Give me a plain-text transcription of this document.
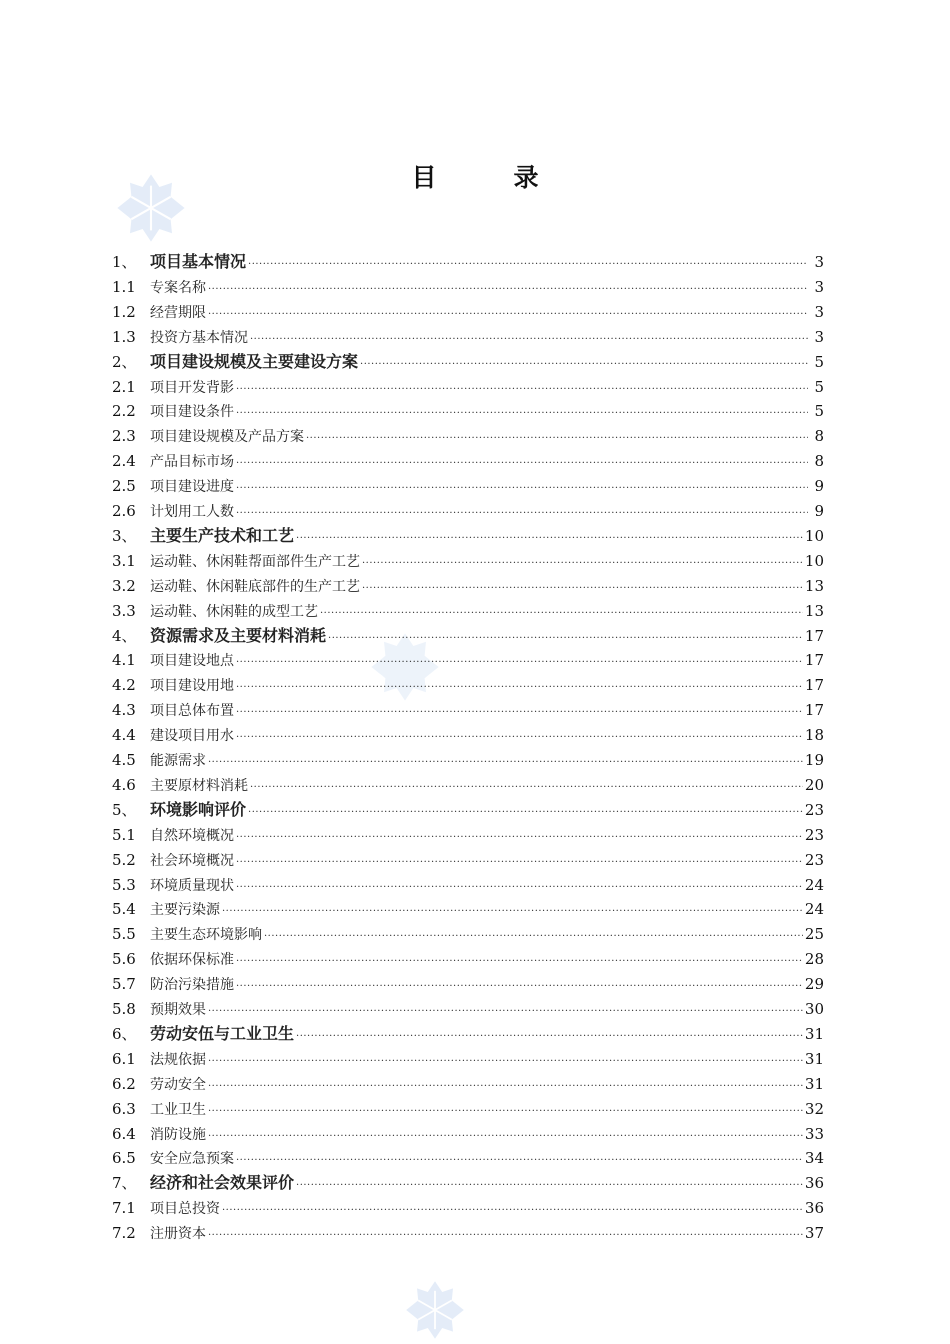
目　录
1、 项目基本情况 ·····	3
1.1	专案名称 ·····	3
1.2	经营期限 ·····	3
1.3	投资方基本情况 ·····	3
2、 项目建设规模及主要建设方案 ·····	5
2.1	项目开发背影 ·····	5
2.2	项目建设条件 ·····	5
2.3	项目建设规模及产品方案 ·····	8
2.4	产品目标市场 ·····	8
2.5	项目建设进度 ·····	9
2.6	计划用工人数 ·····	9
3、 主要生产技术和工艺 ·····	10
3.1	运动鞋、休闲鞋帮面部件生产工艺 ·····	10
3.2	运动鞋、休闲鞋底部件的生产工艺 ·····	13
3.3	运动鞋、休闲鞋的成型工艺 ·····	13
4、 资源需求及主要材料消耗 ·····	17
4.1	项目建设地点 ·····	17
4.2	项目建设用地 ·····	17
4.3	项目总体布置 ·····	17
4.4	建设项目用水 ·····	18
4.5	能源需求 ·····	19
4.6	主要原材料消耗 ·····	20
5、 环境影响评价 ·····	23
5.1	自然环境概况 ·····	23
5.2	社会环境概况 ·····	23
5.3	环境质量现状 ·····	24
5.4	主要污染源 ·····	24
5.5	主要生态环境影响 ·····	25
5.6	依据环保标准 ·····	28
5.7	防治污染措施 ·····	29
5.8	预期效果 ·····	30
6、 劳动安伍与工业卫生 ·····	31
6.1	法规依据 ·····	31
6.2	劳动安全 ·····	31
6.3	工业卫生 ·····	32
6.4	消防设施 ·····	33
6.5	安全应急预案 ·····	34
7、 经济和社会效果评价 ·····	36
7.1	项目总投资 ·····	36
7.2	注册资本 ·····	37
